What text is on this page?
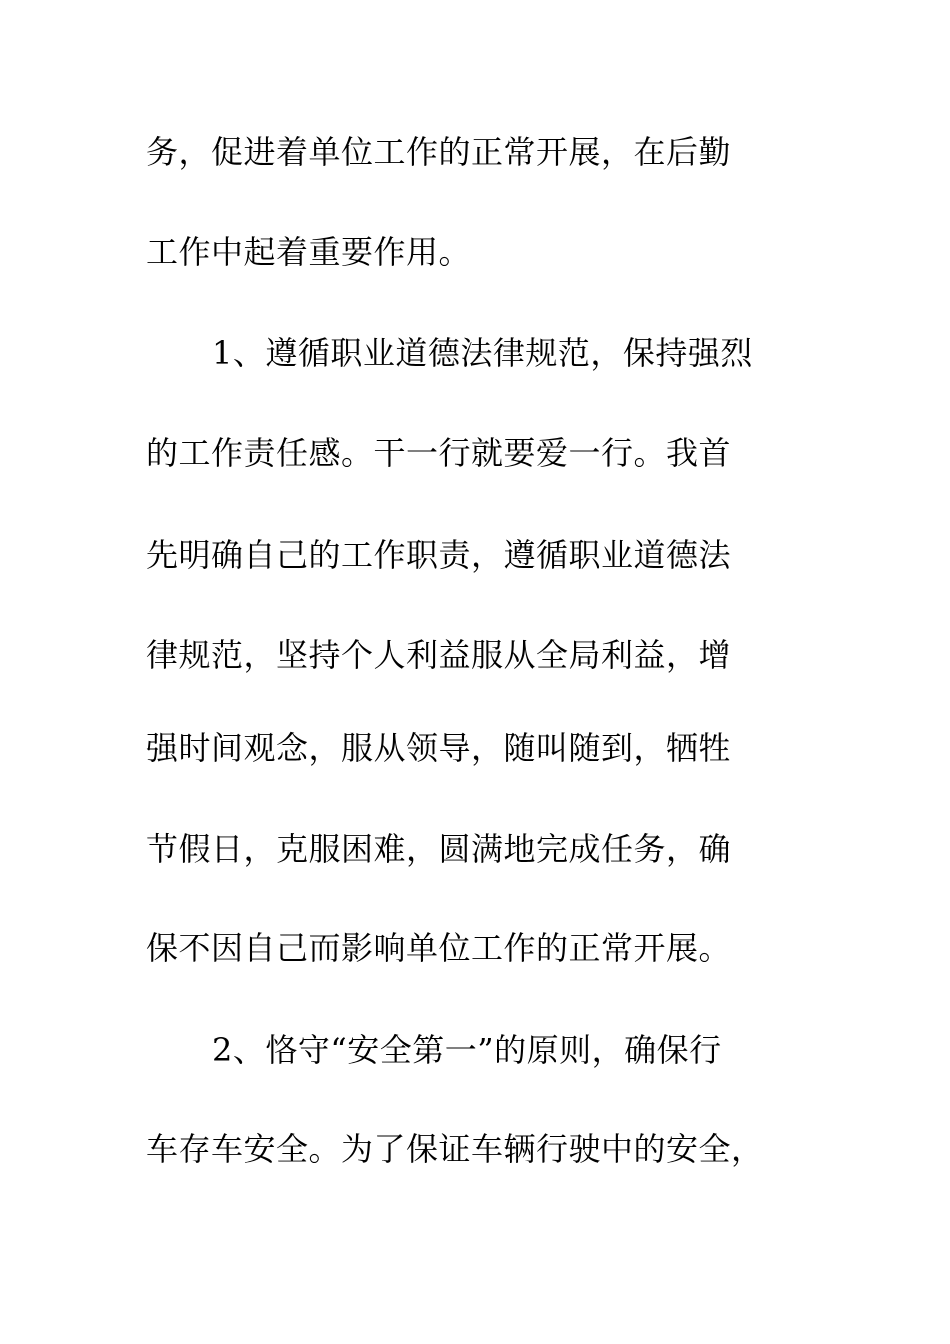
务，促进着单位工作的正常开展，在后勤
工作中起着重要作用。
1、遵循职业道德法律规范，保持强烈
的工作责任感。干一行就要爱一行。我首
先明确自己的工作职责，遵循职业道德法
律规范，坚持个人利益服从全局利益，增
强时间观念，服从领导，随叫随到，牺牲
节假日，克服困难，圆满地完成任务，确
保不因自己而影响单位工作的正常开展。
2、恪守“安全第一”的原则，确保行
车存车安全。为了保证车辆行驶中的安全，
